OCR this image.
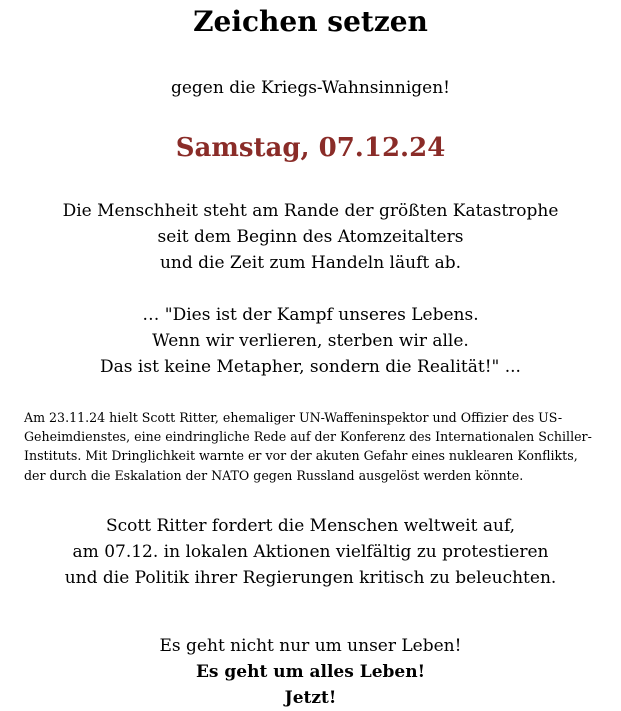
Zeichen setzen
gegen die Kriegs-Wahnsinnigen!
Samstag, 07.12.24
Die Menschheit steht am Rande der größten Katastrophe
seit dem Beginn des Atomzeitalters
und die Zeit zum Handeln läuft ab.
… "Dies ist der Kampf unseres Lebens.
Wenn wir verlieren, sterben wir alle.
Das ist keine Metapher, sondern die Realität!" ...
Am 23.11.24 hielt Scott Ritter, ehemaliger UN-Waffeninspektor und Offizier des US-
Geheimdienstes, eine eindringliche Rede auf der Konferenz des Internationalen Schiller-
Instituts. Mit Dringlichkeit warnte er vor der akuten Gefahr eines nuklearen Konflikts,
der durch die Eskalation der NATO gegen Russland ausgelöst werden könnte.
Scott Ritter fordert die Menschen weltweit auf,
am 07.12. in lokalen Aktionen vielfältig zu protestieren
und die Politik ihrer Regierungen kritisch zu beleuchten.
Es geht nicht nur um unser Leben!
Es geht um alles Leben!
Jetzt!
